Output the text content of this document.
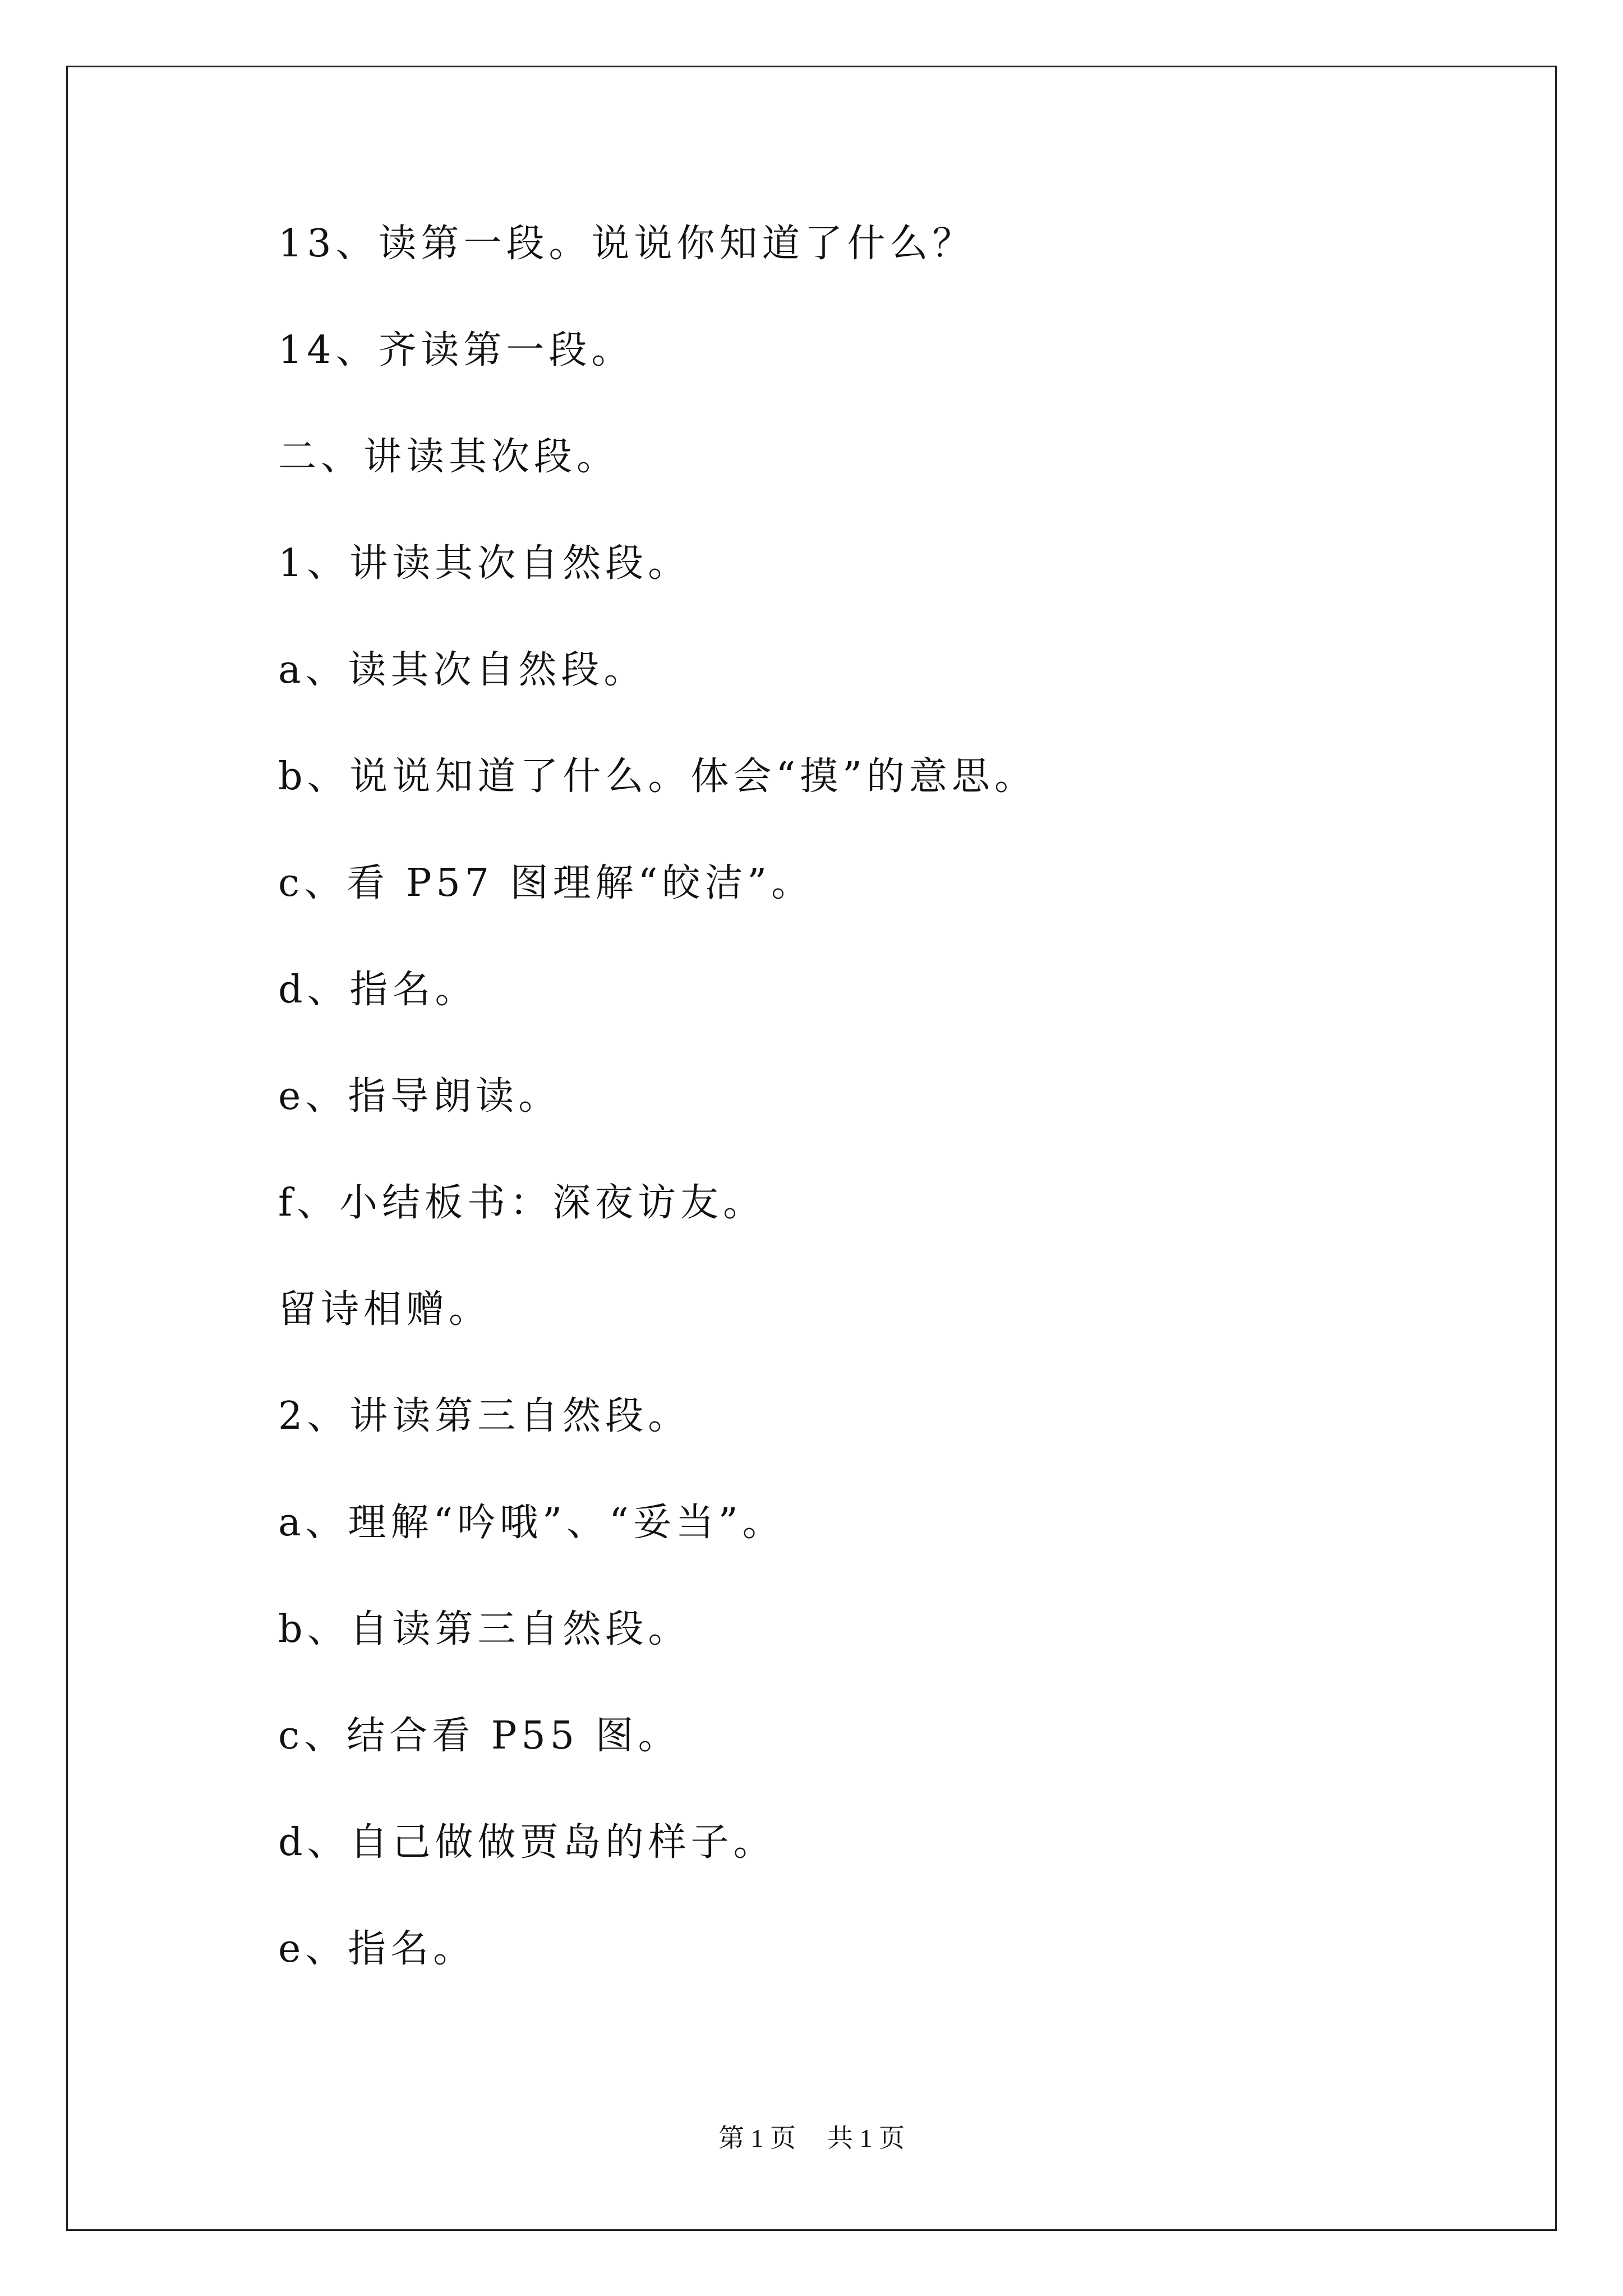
13、读第一段。说说你知道了什么？
14、齐读第一段。
二、讲读其次段。
1、讲读其次自然段。
a、读其次自然段。
b、说说知道了什么。体会“摸”的意思。
c、看 P57 图理解“皎洁”。
d、指名。
e、指导朗读。
f、小结板书：深夜访友。
留诗相赠。
2、讲读第三自然段。
a、理解“吟哦”、“妥当”。
b、自读第三自然段。
c、结合看 P55 图。
d、自己做做贾岛的样子。
e、指名。
第 1 页 共 1 页
